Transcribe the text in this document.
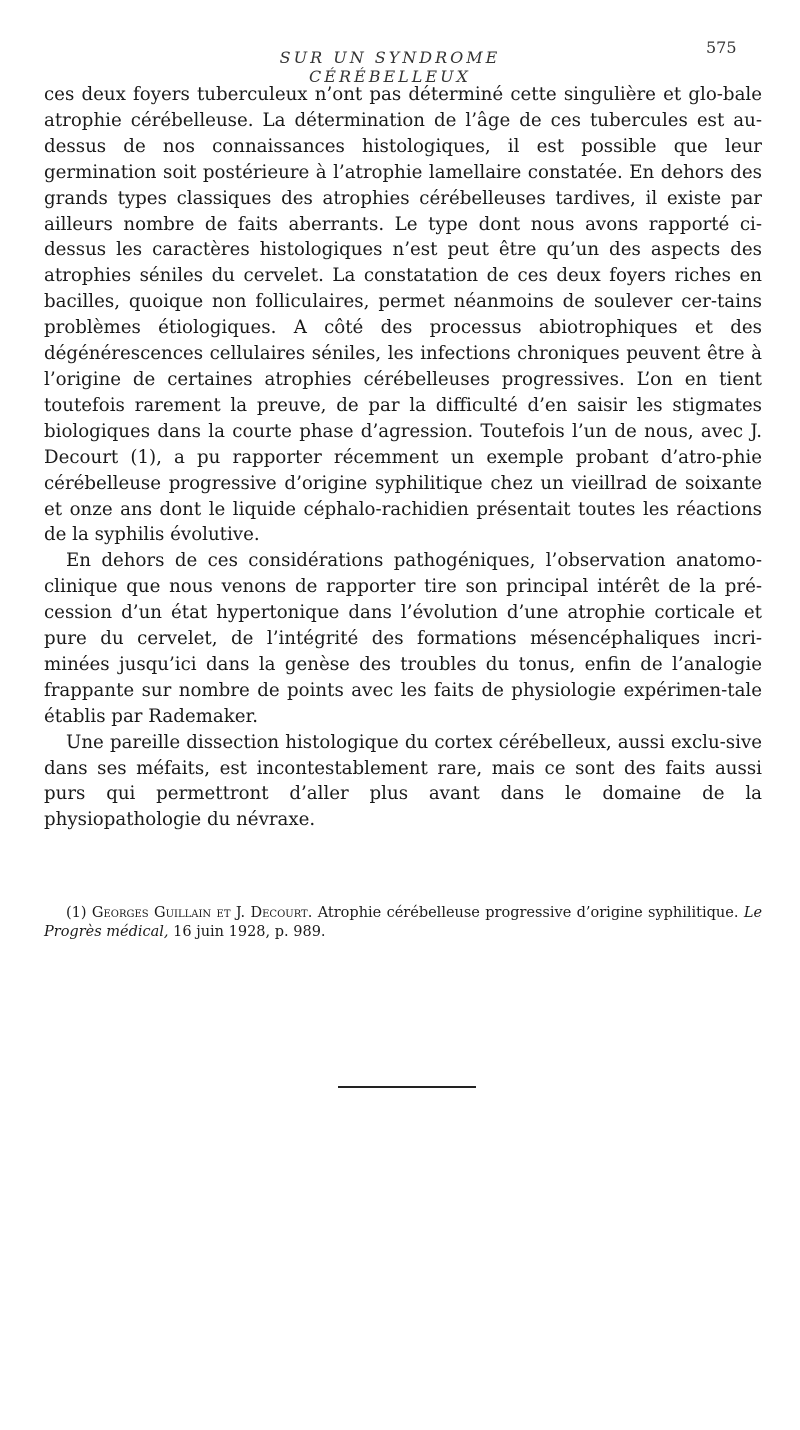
SUR UN SYNDROME CÉRÉBELLEUX
575

ces deux foyers tuberculeux n’ont pas déterminé cette singulière et glo-bale atrophie cérébelleuse. La détermination de l’âge de ces tubercules est au-dessus de nos connaissances histologiques, il est possible que leur germination soit postérieure à l’atrophie lamellaire constatée. En dehors des grands types classiques des atrophies cérébelleuses tardives, il existe par ailleurs nombre de faits aberrants. Le type dont nous avons rapporté ci-dessus les caractères histologiques n’est peut être qu’un des aspects des atrophies séniles du cervelet. La constatation de ces deux foyers riches en bacilles, quoique non folliculaires, permet néanmoins de soulever cer-tains problèmes étiologiques. A côté des processus abiotrophiques et des dégénérescences cellulaires séniles, les infections chroniques peuvent être à l’origine de certaines atrophies cérébelleuses progressives. L’on en tient toutefois rarement la preuve, de par la difficulté d’en saisir les stigmates biologiques dans la courte phase d’agression. Toutefois l’un de nous, avec J. Decourt (1), a pu rapporter récemment un exemple probant d’atro-phie cérébelleuse progressive d’origine syphilitique chez un vieillrad de soixante et onze ans dont le liquide céphalo-rachidien présentait toutes les réactions de la syphilis évolutive.

En dehors de ces considérations pathogéniques, l’observation anatomo-clinique que nous venons de rapporter tire son principal intérêt de la pré-cession d’un état hypertonique dans l’évolution d’une atrophie corticale et pure du cervelet, de l’intégrité des formations mésencéphaliques incri-minées jusqu’ici dans la genèse des troubles du tonus, enfin de l’analogie frappante sur nombre de points avec les faits de physiologie expérimen-tale établis par Rademaker.

Une pareille dissection histologique du cortex cérébelleux, aussi exclu-sive dans ses méfaits, est incontestablement rare, mais ce sont des faits aussi purs qui permettront d’aller plus avant dans le domaine de la physiopathologie du névraxe.

(1) Georges Guillain et J. Decourt. Atrophie cérébelleuse progressive d’origine syphilitique. Le Progrès médical, 16 juin 1928, p. 989.
